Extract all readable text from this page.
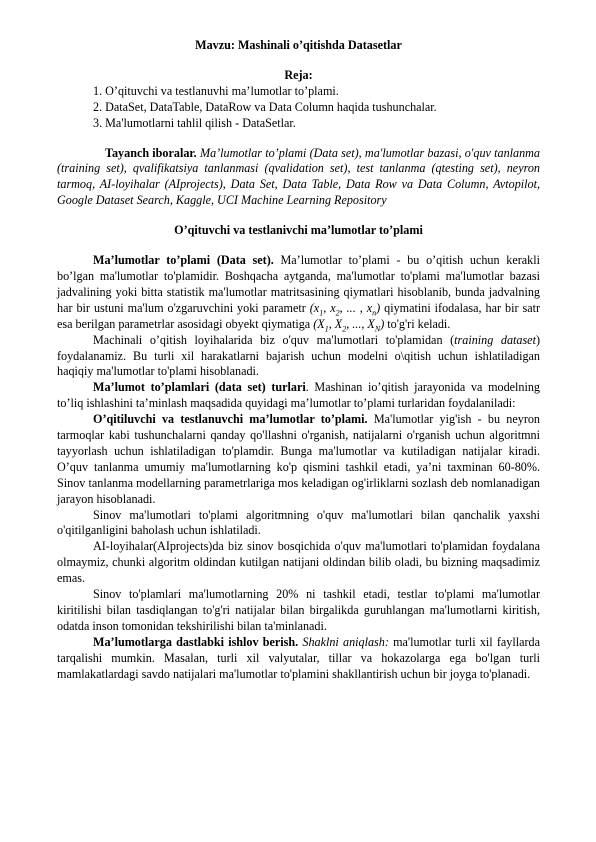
Mavzu: Mashinali o’qitishda Datasetlar

Reja:

1. O’qituvchi va testlanuvhi ma’lumotlar to’plami.
2. DataSet, DataTable, DataRow va Data Column haqida tushunchalar.
3. Ma'lumotlarni tahlil qilish - DataSetlar.

Tayanch iboralar. Ma’lumotlar to’plami (Data set), ma'lumotlar bazasi, o'quv tanlanma (training set), qvalifikatsiya tanlanmasi (qvalidation set), test tanlanma (qtesting set), neyron tarmoq, AI-loyihalar (AIprojects), Data Set, Data Table, Data Row va Data Column, Avtopilot, Google Dataset Search, Kaggle, UCI Machine Learning Repository

O’qituvchi va testlanivchi ma’lumotlar to’plami

Ma’lumotlar to’plami (Data set). Ma’lumotlar to’plami - bu o’qitish uchun kerakli bo’lgan ma'lumotlar to'plamidir. Boshqacha aytganda, ma'lumotlar to'plami ma'lumotlar bazasi jadvalining yoki bitta statistik ma'lumotlar matritsasining qiymatlari hisoblanib, bunda jadvalning har bir ustuni ma'lum o'zgaruvchini yoki parametr ($x_1$, $x_2$, ... , $x_n$) qiymatini ifodalasa, har bir satr esa berilgan parametrlar asosidagi obyekt qiymatiga ($X_1$, $X_2$, ..., $X_N$) to'g'ri keladi.

Machinali o’qitish loyihalarida biz o'quv ma'lumotlari to'plamidan (training dataset) foydalanamiz. Bu turli xil harakatlarni bajarish uchun modelni o\qitish uchun ishlatiladigan haqiqiy ma'lumotlar to'plami hisoblanadi.

Ma’lumot to’plamlari (data set) turlari. Mashinan io’qitish jarayonida va modelning to’liq ishlashini ta’minlash maqsadida quyidagi ma’lumotlar to’plami turlaridan foydalaniladi:

O’qitiluvchi va testlanuvchi ma’lumotlar to’plami. Ma'lumotlar yig'ish - bu neyron tarmoqlar kabi tushunchalarni qanday qo'llashni o'rganish, natijalarni o'rganish uchun algoritmni tayyorlash uchun ishlatiladigan to'plamdir. Bunga ma'lumotlar va kutiladigan natijalar kiradi. O’quv tanlanma umumiy ma'lumotlarning ko'p qismini tashkil etadi, ya’ni taxminan 60-80%. Sinov tanlanma modellarning parametrlariga mos keladigan og'irliklarni sozlash deb nomlanadigan jarayon hisoblanadi.

Sinov ma'lumotlari to'plami algoritmning o'quv ma'lumotlari bilan qanchalik yaxshi o'qitilganligini baholash uchun ishlatiladi.

AI-loyihalar(AIprojects)da biz sinov bosqichida o'quv ma'lumotlari to'plamidan foydalana olmaymiz, chunki algoritm oldindan kutilgan natijani oldindan bilib oladi, bu bizning maqsadimiz emas.

Sinov to'plamlari ma'lumotlarning 20% ni tashkil etadi, testlar to'plami ma'lumotlar kiritilishi bilan tasdiqlangan to'g'ri natijalar bilan birgalikda guruhlangan ma'lumotlarni kiritish, odatda inson tomonidan tekshirilishi bilan ta'minlanadi.

Ma’lumotlarga dastlabki ishlov berish. Shaklni aniqlash: ma'lumotlar turli xil fayllarda tarqalishi mumkin. Masalan, turli xil valyutalar, tillar va hokazolarga ega bo'lgan turli mamlakatlardagi savdo natijalari ma'lumotlar to'plamini shakllantirish uchun bir joyga to'planadi.
